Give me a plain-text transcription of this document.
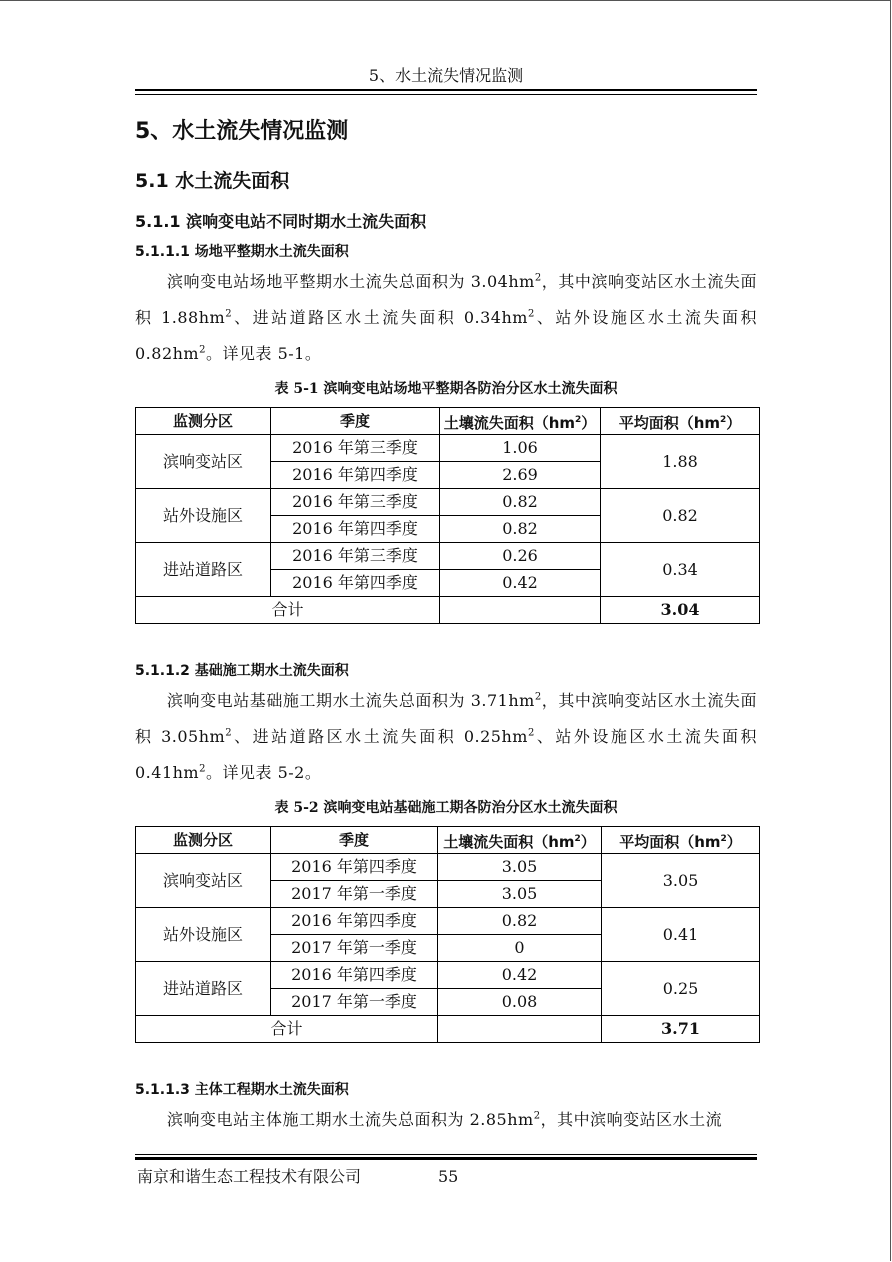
5、水土流失情况监测
5、水土流失情况监测
5.1 水土流失面积
5.1.1 滨响变电站不同时期水土流失面积
5.1.1.1 场地平整期水土流失面积
滨响变电站场地平整期水土流失总面积为 $3.04hm^2$，其中滨响变站区水土流失面积 $1.88hm^2$、进站道路区水土流失面积 $0.34hm^2$、站外设施区水土流失面积 $0.82hm^2$。详见表 5-1。
表 5-1 滨响变电站场地平整期各防治分区水土流失面积
监测分区	季度	土壤流失面积$(hm^2)$	平均面积$(hm^2)$
滨响变站区	2016 年第三季度	1.06	1.88
	2016 年第四季度	2.69	
站外设施区	2016 年第三季度	0.82	0.82
	2016 年第四季度	0.82	
进站道路区	2016 年第三季度	0.26	0.34
	2016 年第四季度	0.42	
合计			3.04
5.1.1.2 基础施工期水土流失面积
滨响变电站基础施工期水土流失总面积为 $3.71hm^2$，其中滨响变站区水土流失面积 $3.05hm^2$、进站道路区水土流失面积 $0.25hm^2$、站外设施区水土流失面积 $0.41hm^2$。详见表 5-2。
表 5-2 滨响变电站基础施工期各防治分区水土流失面积
监测分区	季度	土壤流失面积$(hm^2)$	平均面积$(hm^2)$
滨响变站区	2016 年第四季度	3.05	3.05
	2017 年第一季度	3.05	
站外设施区	2016 年第四季度	0.82	0.41
	2017 年第一季度	0	
进站道路区	2016 年第四季度	0.42	0.25
	2017 年第一季度	0.08	
合计			3.71
5.1.1.3 主体工程期水土流失面积
滨响变电站主体施工期水土流失总面积为 $2.85hm^2$，其中滨响变站区水土流
南京和谐生态工程技术有限公司	55
